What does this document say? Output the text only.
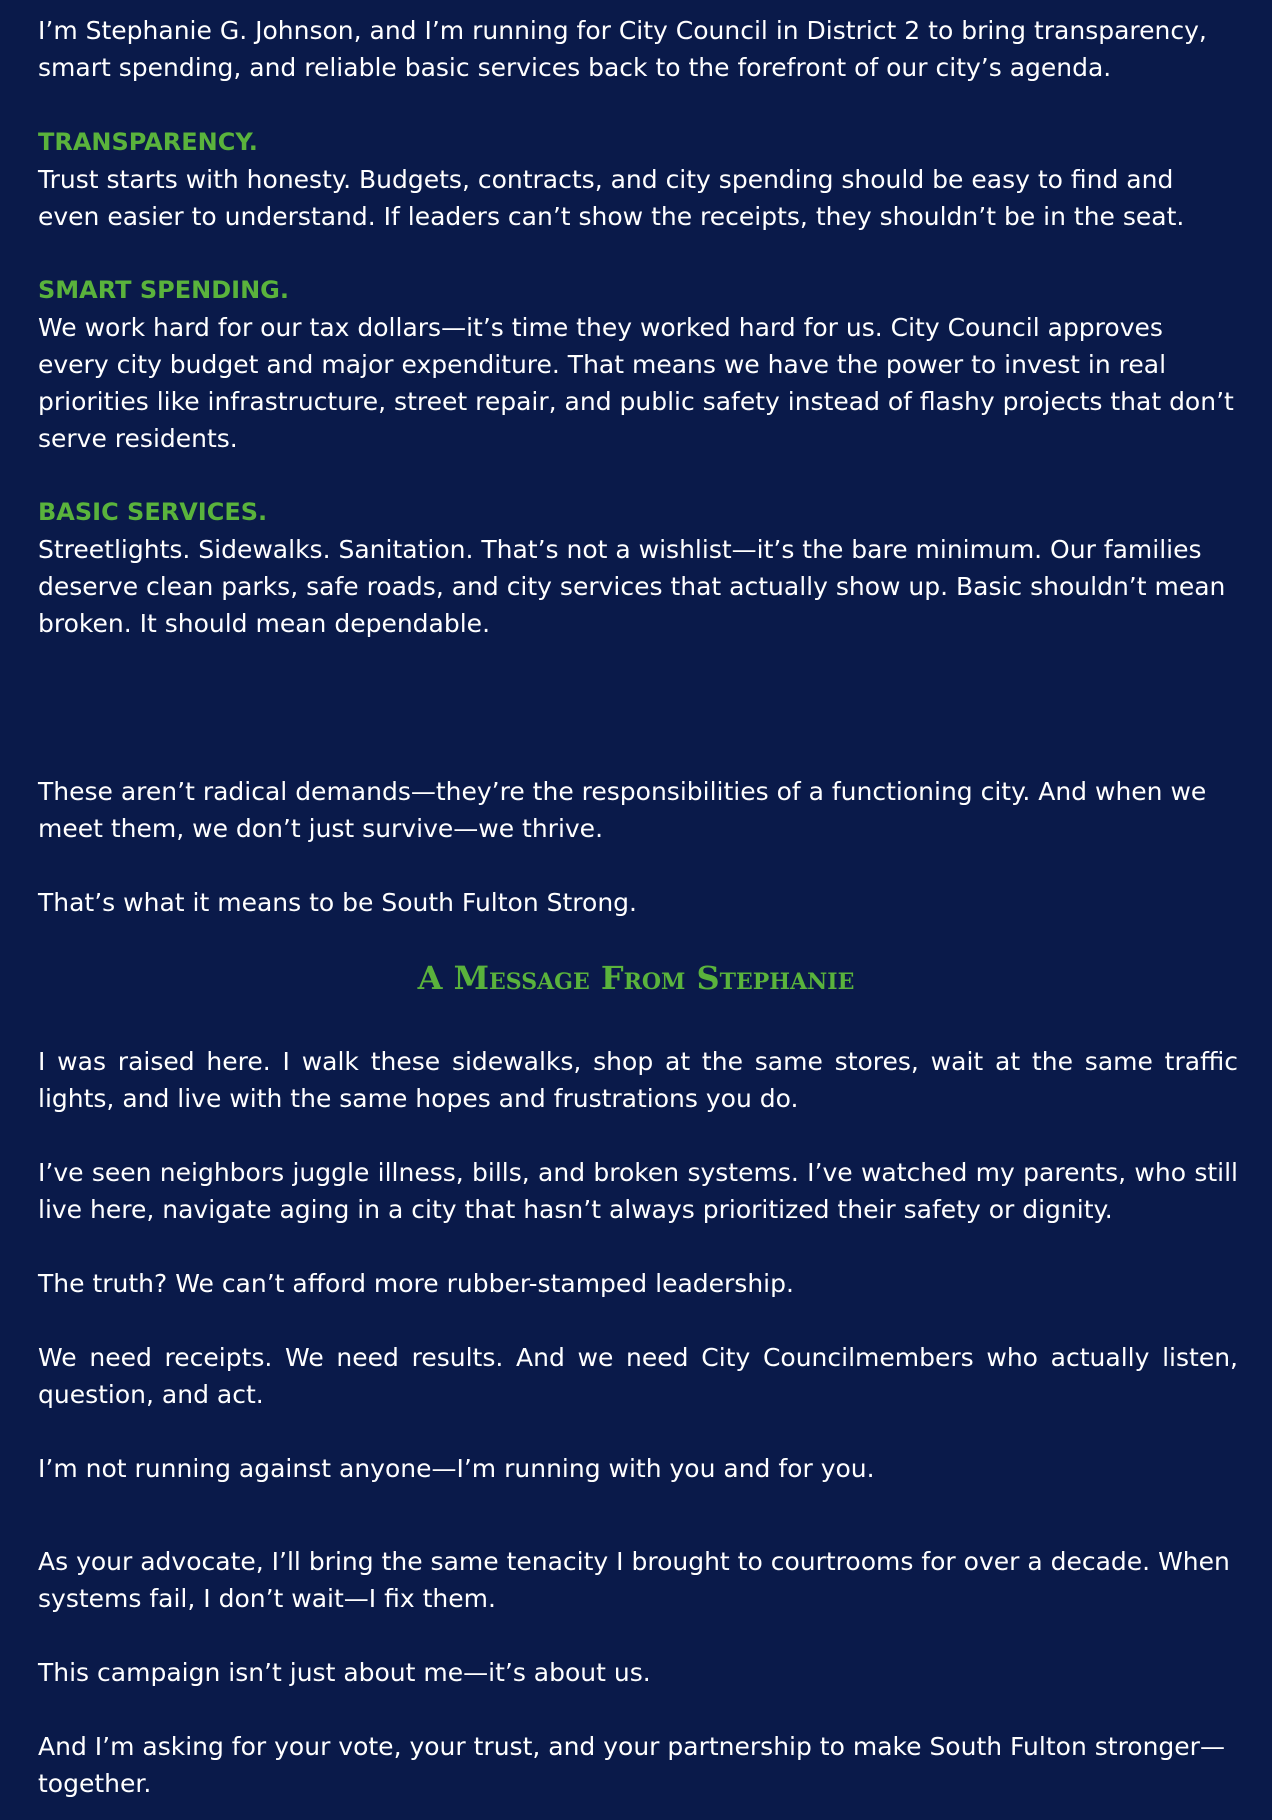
I’m Stephanie G. Johnson, and I’m running for City Council in District 2 to bring transparency, smart spending, and reliable basic services back to the forefront of our city’s agenda.

TRANSPARENCY.

Trust starts with honesty. Budgets, contracts, and city spending should be easy to find and even easier to understand. If leaders can’t show the receipts, they shouldn’t be in the seat.

SMART SPENDING.

We work hard for our tax dollars—it’s time they worked hard for us. City Council approves every city budget and major expenditure. That means we have the power to invest in real priorities like infrastructure, street repair, and public safety instead of flashy projects that don’t serve residents.

BASIC SERVICES.

Streetlights. Sidewalks. Sanitation. That’s not a wishlist—it’s the bare minimum. Our families deserve clean parks, safe roads, and city services that actually show up. Basic shouldn’t mean broken. It should mean dependable.

These aren’t radical demands—they’re the responsibilities of a functioning city. And when we meet them, we don’t just survive—we thrive.

That’s what it means to be South Fulton Strong.

A Message From Stephanie

I was raised here. I walk these sidewalks, shop at the same stores, wait at the same traffic lights, and live with the same hopes and frustrations you do.

I’ve seen neighbors juggle illness, bills, and broken systems. I’ve watched my parents, who still live here, navigate aging in a city that hasn’t always prioritized their safety or dignity.

The truth? We can’t afford more rubber-stamped leadership.

We need receipts. We need results. And we need City Councilmembers who actually listen, question, and act.

I’m not running against anyone—I’m running with you and for you.

As your advocate, I’ll bring the same tenacity I brought to courtrooms for over a decade. When systems fail, I don’t wait—I fix them.

This campaign isn’t just about me—it’s about us.

And I’m asking for your vote, your trust, and your partnership to make South Fulton stronger—together.
